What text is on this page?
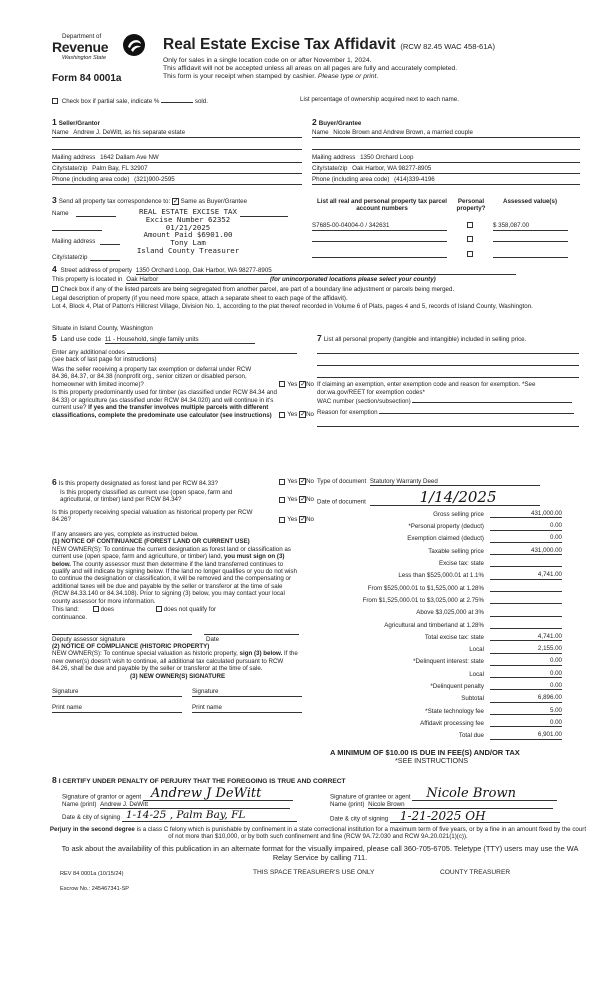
Department of
Revenue
Washington State
Form 84 0001a
Real Estate Excise Tax Affidavit (RCW 82.45 WAC 458-61A)
Only for sales in a single location code on or after November 1, 2024.
This affidavit will not be accepted unless all areas on all pages are fully and accurately completed.
This form is your receipt when stamped by cashier. Please type or print.
Check box if partial sale, indicate %	sold.	List percentage of ownership acquired next to each name.
1 Seller/Grantor
Name Andrew J. DeWitt, as his separate estate
Mailing address 1642 Dallam Ave NW
City/state/zip Palm Bay, FL 32907
Phone (including area code) (321)900-2595
2 Buyer/Grantee
Name Nicole Brown and Andrew Brown, a married couple
Mailing address 1350 Orchard Loop
City/state/zip Oak Harbor, WA 98277-8905
Phone (including area code) (414)339-4196
3 Send all property tax correspondence to: ✓ Same as Buyer/Grantee
Name
Mailing address
City/state/zip
REAL ESTATE EXCISE TAX
Excise Number 62352
01/21/2025
Amount Paid $6901.00
Tony Lam
Island County Treasurer
List all real and personal property tax parcel account numbers
Personal property?
Assessed value(s)
S7685-00-04004-0 / 342631	$ 358,087.00
4 Street address of property 1350 Orchard Loop, Oak Harbor, WA 98277-8905
This property is located in Oak Harbor	(for unincorporated locations please select your county)
Check box if any of the listed parcels are being segregated from another parcel, are part of a boundary line adjustment or parcels being merged.
Legal description of property (if you need more space, attach a separate sheet to each page of the affidavit).
Lot 4, Block 4, Plat of Patton's Hillcrest Village, Division No. 1, according to the plat thereof recorded in Volume 6 of Plats, pages 4 and 5, records of Island County, Washington.
Situate in Island County, Washington
5 Land use code 11 - Household, single family units
Enter any additional codes
(see back of last page for instructions)
Was the seller receiving a property tax exemption or deferral under RCW 84.36, 84.37, or 84.38 (nonprofit org., senior citizen or disabled person, homeowner with limited income)?	Yes ✓No
Is this property predominantly used for timber (as classified under RCW 84.34 and 84.33) or agriculture (as classified under RCW 84.34.020) and will continue in it's current use? If yes and the transfer involves multiple parcels with different classifications, complete the predominate use calculator (see instructions)	Yes ✓No
7 List all personal property (tangible and intangible) included in selling price.
If claiming an exemption, enter exemption code and reason for exemption. *See dor.wa.gov/REET for exemption codes*
WAC number (section/subsection)
Reason for exemption
6 Is this property designated as forest land per RCW 84.33?	Yes ✓No
Is this property classified as current use (open space, farm and agricultural, or timber) land per RCW 84.34?	Yes ✓No
Is this property receiving special valuation as historical property per RCW 84.26?	Yes ✓No
If any answers are yes, complete as instructed below.
(1) NOTICE OF CONTINUANCE (FOREST LAND OR CURRENT USE)
NEW OWNER(S): To continue the current designation as forest land or classification as current use (open space, farm and agriculture, or timber) land, you must sign on (3) below. The county assessor must then determine if the land transferred continues to qualify and will indicate by signing below. If the land no longer qualifies or you do not wish to continue the designation or classification, it will be removed and the compensating or additional taxes will be due and payable by the seller or transferor at the time of sale (RCW 84.33.140 or 84.34.108). Prior to signing (3) below, you may contact your local county assessor for more information.
This land:	does	does not qualify for
continuance.
Deputy assessor signature	Date
(2) NOTICE OF COMPLIANCE (HISTORIC PROPERTY)
NEW OWNER(S): To continue special valuation as historic property, sign (3) below. If the new owner(s) doesn't wish to continue, all additional tax calculated pursuant to RCW 84.26, shall be due and payable by the seller or transferor at the time of sale.
(3) NEW OWNER(S) SIGNATURE
Signature	Signature
Print name	Print name
Type of document Statutory Warranty Deed
Date of document	1/14/2025
Gross selling price	431,000.00
*Personal property (deduct)	0.00
Exemption claimed (deduct)	0.00
Taxable selling price	431,000.00
Excise tax: state
Less than $525,000.01 at 1.1%	4,741.00
From $525,000.01 to $1,525,000 at 1.28%
From $1,525,000.01 to $3,025,000 at 2.75%
Above $3,025,000 at 3%
Agricultural and timberland at 1.28%
Total excise tax: state	4,741.00
Local	2,155.00
*Delinquent interest: state	0.00
Local	0.00
*Delinquent penalty	0.00
Subtotal	6,896.00
*State technology fee	5.00
Affidavit processing fee	0.00
Total due	6,901.00
A MINIMUM OF $10.00 IS DUE IN FEE(S) AND/OR TAX
*SEE INSTRUCTIONS
8 I CERTIFY UNDER PENALTY OF PERJURY THAT THE FOREGOING IS TRUE AND CORRECT
Signature of grantor or agent Andrew J DeWitt
Name (print) Andrew J. DeWitt
Date & city of signing 1-14-25 , Palm Bay, FL
Signature of grantee or agent Nicole Brown
Name (print) Nicole Brown
Date & city of signing 1-21-2025 OH
Perjury in the second degree is a class C felony which is punishable by confinement in a state correctional institution for a maximum term of five years, or by a fine in an amount fixed by the court of not more than $10,000, or by both such confinement and fine (RCW 9A.72.030 and RCW 9A.20.021(1)(c)).
To ask about the availability of this publication in an alternate format for the visually impaired, please call 360-705-6705. Teletype (TTY) users may use the WA Relay Service by calling 711.
REV 84 0001a (10/15/24)	THIS SPACE TREASURER'S USE ONLY	COUNTY TREASURER
Escrow No.: 245467341-SP
